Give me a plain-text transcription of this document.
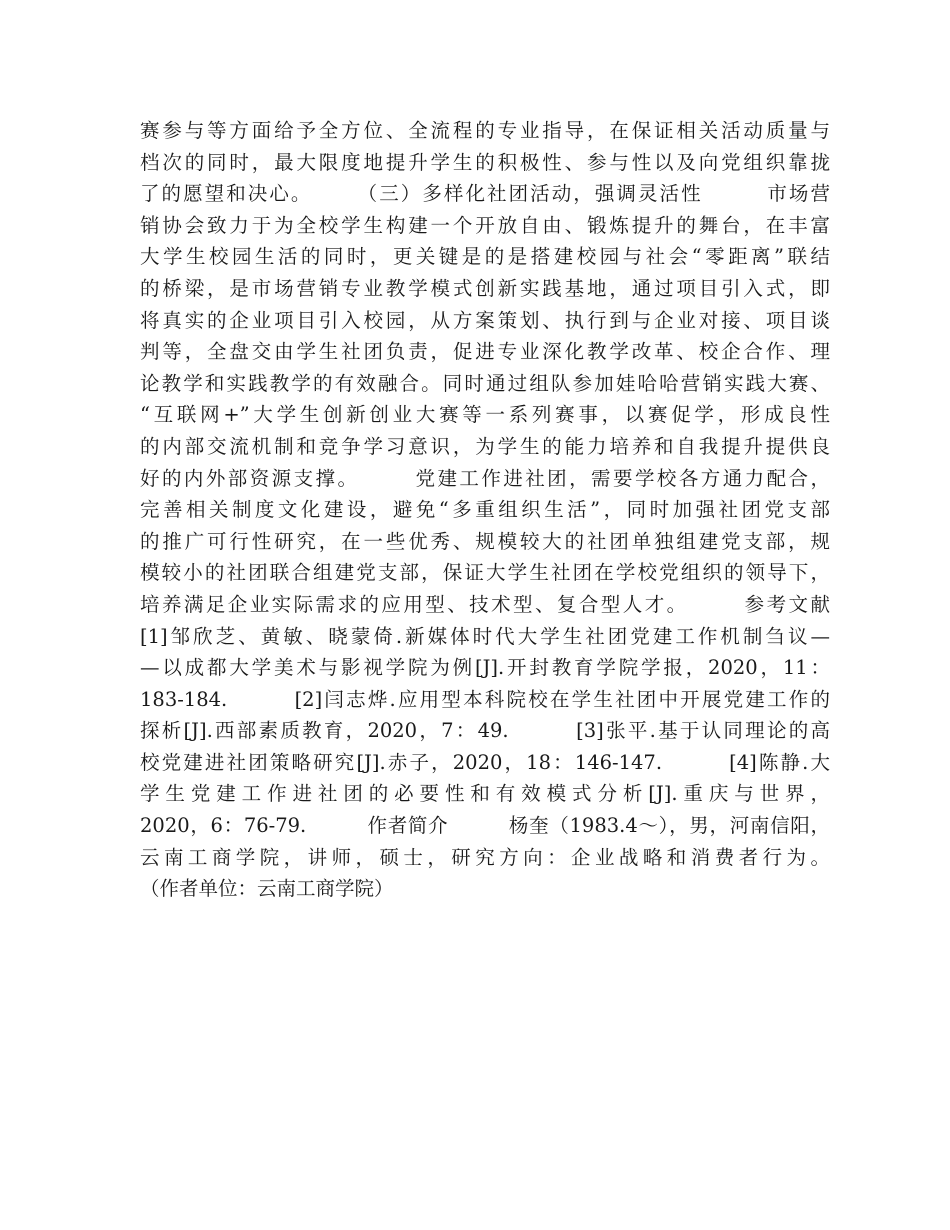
赛参与等方面给予全方位、全流程的专业指导，在保证相关活动质量与
档次的同时，最大限度地提升学生的积极性、参与性以及向党组织靠拢
了的愿望和决心。　　　（三）多样化社团活动，强调灵活性　　　市场营
销协会致力于为全校学生构建一个开放自由、锻炼提升的舞台，在丰富
大学生校园生活的同时，更关键是的是搭建校园与社会“零距离”联结
的桥梁，是市场营销专业教学模式创新实践基地，通过项目引入式，即
将真实的企业项目引入校园，从方案策划、执行到与企业对接、项目谈
判等，全盘交由学生社团负责，促进专业深化教学改革、校企合作、理
论教学和实践教学的有效融合。同时通过组队参加娃哈哈营销实践大赛、
“互联网+”大学生创新创业大赛等一系列赛事，以赛促学，形成良性
的内部交流机制和竞争学习意识，为学生的能力培养和自我提升提供良
好的内外部资源支撑。　　　党建工作进社团，需要学校各方通力配合，
完善相关制度文化建设，避免“多重组织生活”，同时加强社团党支部
的推广可行性研究，在一些优秀、规模较大的社团单独组建党支部，规
模较小的社团联合组建党支部，保证大学生社团在学校党组织的领导下，
培养满足企业实际需求的应用型、技术型、复合型人才。　　　参考文献
[1]邹欣芝、黄敏、晓蒙倚.新媒体时代大学生社团党建工作机制刍议—
—以成都大学美术与影视学院为例[J].开封教育学院学报，2020，11：
183-184.　　　[2]闫志烨.应用型本科院校在学生社团中开展党建工作的
探析[J].西部素质教育，2020，7：49.　　　[3]张平.基于认同理论的高
校党建进社团策略研究[J].赤子，2020，18：146-147.　　　[4]陈静.大
学生党建工作进社团的必要性和有效模式分析[J].重庆与世界，
2020，6：76-79.　　　作者简介　　　杨奎（1983.4～），男，河南信阳，
云南工商学院，讲师，硕士，研究方向：企业战略和消费者行为。
（作者单位：云南工商学院）
